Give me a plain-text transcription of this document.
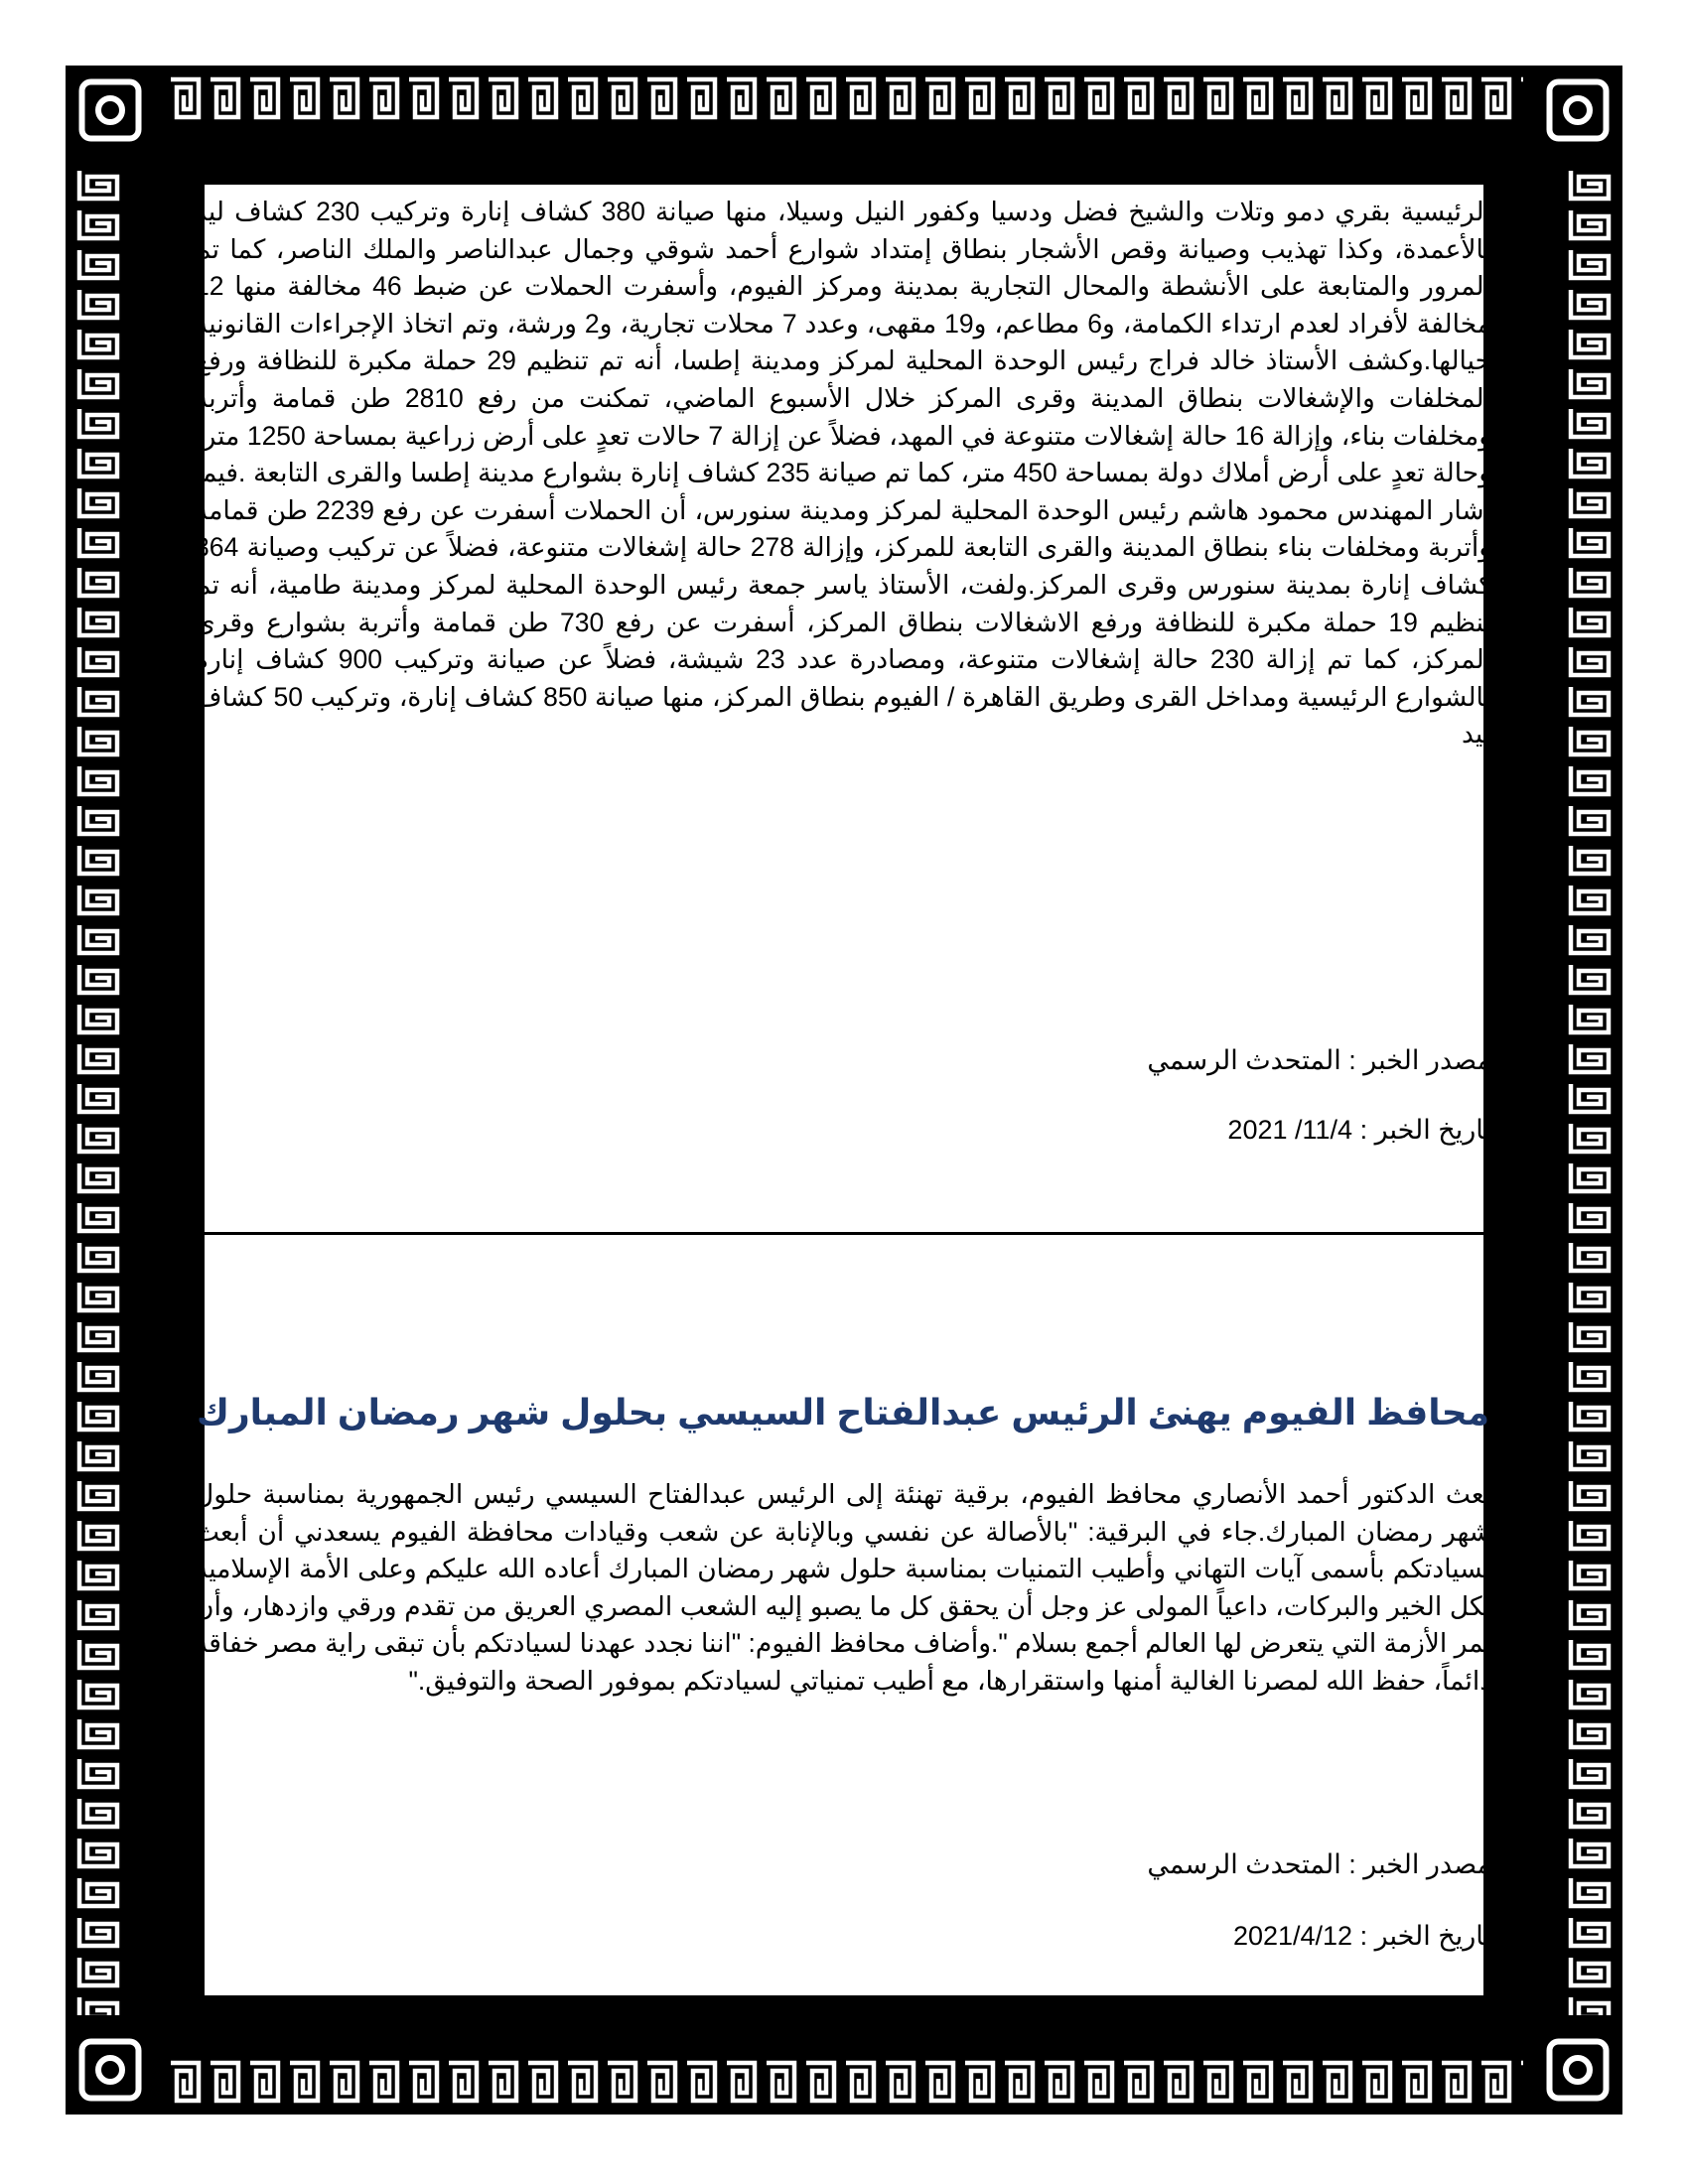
الرئيسية بقري دمو وتلات والشيخ فضل ودسيا وكفور النيل وسيلا، منها صيانة 380 كشاف إنارة وتركيب 230 كشاف ليد بالأعمدة، وكذا تهذيب وصيانة وقص الأشجار بنطاق إمتداد شوارع أحمد شوقي وجمال عبدالناصر والملك الناصر، كما تم المرور والمتابعة على الأنشطة والمحال التجارية بمدينة ومركز الفيوم، وأسفرت الحملات عن ضبط 46 مخالفة منها 12 مخالفة لأفراد لعدم ارتداء الكمامة، و6 مطاعم، و19 مقهى، وعدد 7 محلات تجارية، و2 ورشة، وتم اتخاذ الإجراءات القانونية حيالها.وكشف الأستاذ خالد فراج رئيس الوحدة المحلية لمركز ومدينة إطسا، أنه تم تنظيم 29 حملة مكبرة للنظافة ورفع المخلفات والإشغالات بنطاق المدينة وقرى المركز خلال الأسبوع الماضي، تمكنت من رفع 2810 طن قمامة وأتربة ومخلفات بناء، وإزالة 16 حالة إشغالات متنوعة في المهد، فضلاً عن إزالة 7 حالات تعدٍ على أرض زراعية بمساحة 1250 متر، وحالة تعدٍ على أرض أملاك دولة بمساحة 450 متر، كما تم صيانة 235 كشاف إنارة بشوارع مدينة إطسا والقرى التابعة .فيما أشار المهندس محمود هاشم رئيس الوحدة المحلية لمركز ومدينة سنورس، أن الحملات أسفرت عن رفع 2239 طن قمامة وأتربة ومخلفات بناء بنطاق المدينة والقرى التابعة للمركز، وإزالة 278 حالة إشغالات متنوعة، فضلاً عن تركيب وصيانة 364 كشاف إنارة بمدينة سنورس وقرى المركز.ولفت، الأستاذ ياسر جمعة رئيس الوحدة المحلية لمركز ومدينة طامية، أنه تم تنظيم 19 حملة مكبرة للنظافة ورفع الاشغالات بنطاق المركز، أسفرت عن رفع 730 طن قمامة وأتربة بشوارع وقرى المركز، كما تم إزالة 230 حالة إشغالات متنوعة، ومصادرة عدد 23 شيشة، فضلاً عن صيانة وتركيب 900 كشاف إنارة بالشوارع الرئيسية ومداخل القرى وطريق القاهرة / الفيوم بنطاق المركز، منها صيانة 850 كشاف إنارة، وتركيب 50 كشاف ليد

مصدر الخبر : المتحدث الرسمي

تاريخ الخبر : 11/4/ 2021

محافظ الفيوم يهنئ الرئيس عبدالفتاح السيسي بحلول شهر رمضان المبارك

بعث الدكتور أحمد الأنصاري محافظ الفيوم، برقية تهنئة إلى الرئيس عبدالفتاح السيسي رئيس الجمهورية بمناسبة حلول شهر رمضان المبارك.جاء في البرقية: "بالأصالة عن نفسي وبالإنابة عن شعب وقيادات محافظة الفيوم يسعدني أن أبعث لسيادتكم بأسمى آيات التهاني وأطيب التمنيات بمناسبة حلول شهر رمضان المبارك أعاده الله عليكم وعلى الأمة الإسلامية بكل الخير والبركات، داعياً المولى عز وجل أن يحقق كل ما يصبو إليه الشعب المصري العريق من تقدم ورقي وازدهار، وأن تمر الأزمة التي يتعرض لها العالم أجمع بسلام ".وأضاف محافظ الفيوم: "اننا نجدد عهدنا لسيادتكم بأن تبقى راية مصر خفاقة دائماً، حفظ الله لمصرنا الغالية أمنها واستقرارها، مع أطيب تمنياتي لسيادتكم بموفور الصحة والتوفيق."

مصدر الخبر : المتحدث الرسمي

تاريخ الخبر : 2021/4/12
